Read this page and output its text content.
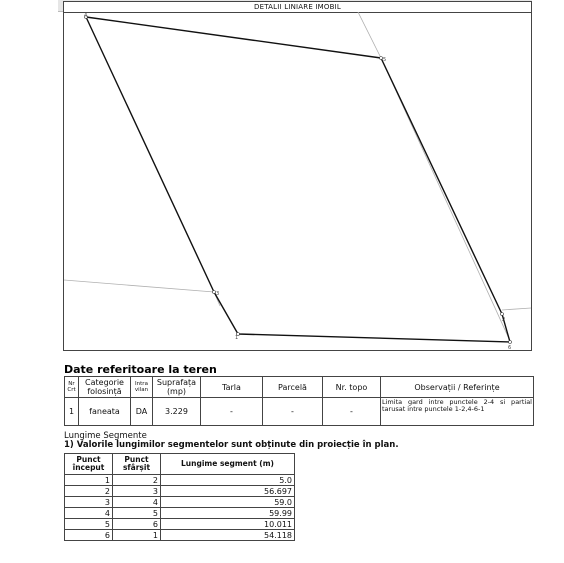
DETALII LINIARE IMOBIL
4
5
3
1
2
6
Date referitoare la teren
Nr Crt	Categorie folosință	Intra vilan	Suprafața (mp)	Tarla	Parcelă	Nr. topo	Observații / Referințe
1	faneata	DA	3.229	-	-	-	Limita gard intre punctele 2-4 si partial tarusat intre punctele 1-2,4-6-1
Lungime Segmente
1) Valorile lungimilor segmentelor sunt obținute din proiecție în plan.
Punct început	Punct sfârșit	Lungime segment (m)
1	2	5.0
2	3	56.697
3	4	59.0
4	5	59.99
5	6	10.011
6	1	54.118
